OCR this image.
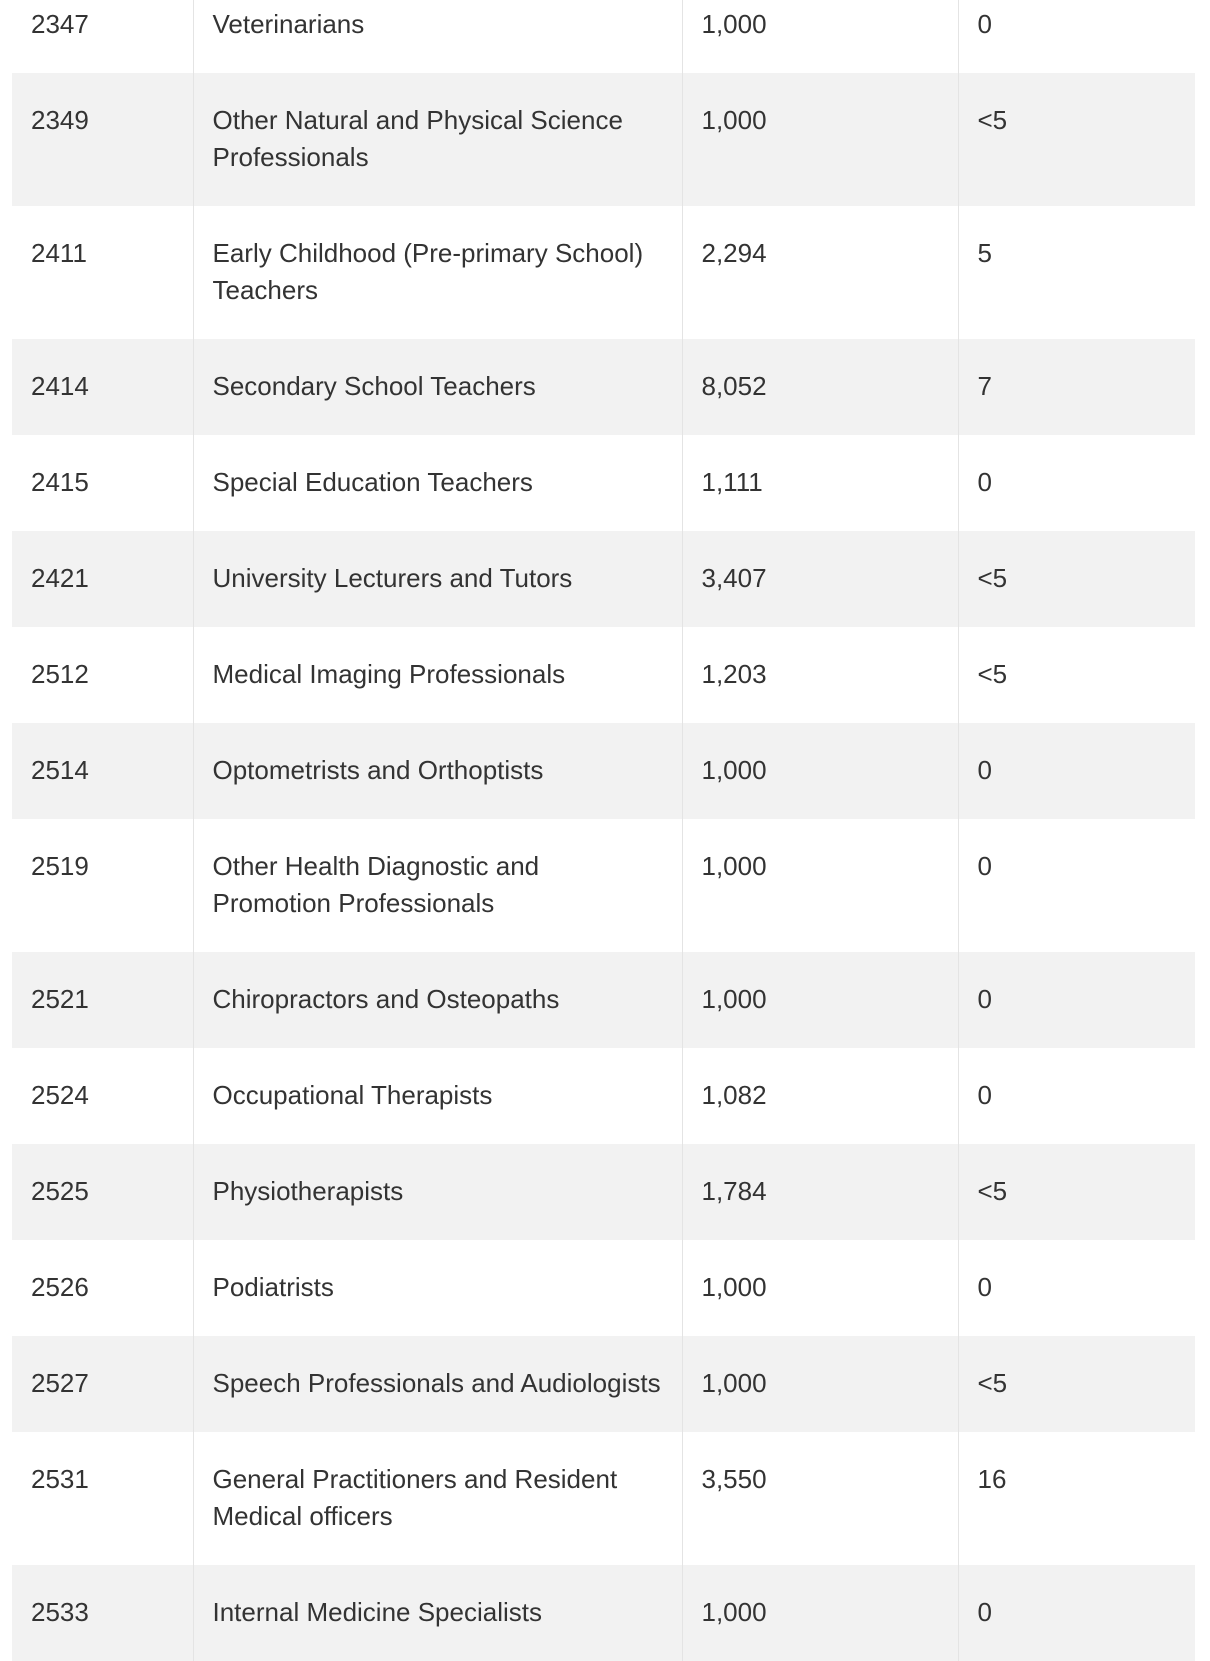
2347	Veterinarians	1,000	0
2349	Other Natural and Physical Science Professionals	1,000	<5
2411	Early Childhood (Pre-primary School) Teachers	2,294	5
2414	Secondary School Teachers	8,052	7
2415	Special Education Teachers	1,111	0
2421	University Lecturers and Tutors	3,407	<5
2512	Medical Imaging Professionals	1,203	<5
2514	Optometrists and Orthoptists	1,000	0
2519	Other Health Diagnostic and Promotion Professionals	1,000	0
2521	Chiropractors and Osteopaths	1,000	0
2524	Occupational Therapists	1,082	0
2525	Physiotherapists	1,784	<5
2526	Podiatrists	1,000	0
2527	Speech Professionals and Audiologists	1,000	<5
2531	General Practitioners and Resident Medical officers	3,550	16
2533	Internal Medicine Specialists	1,000	0
